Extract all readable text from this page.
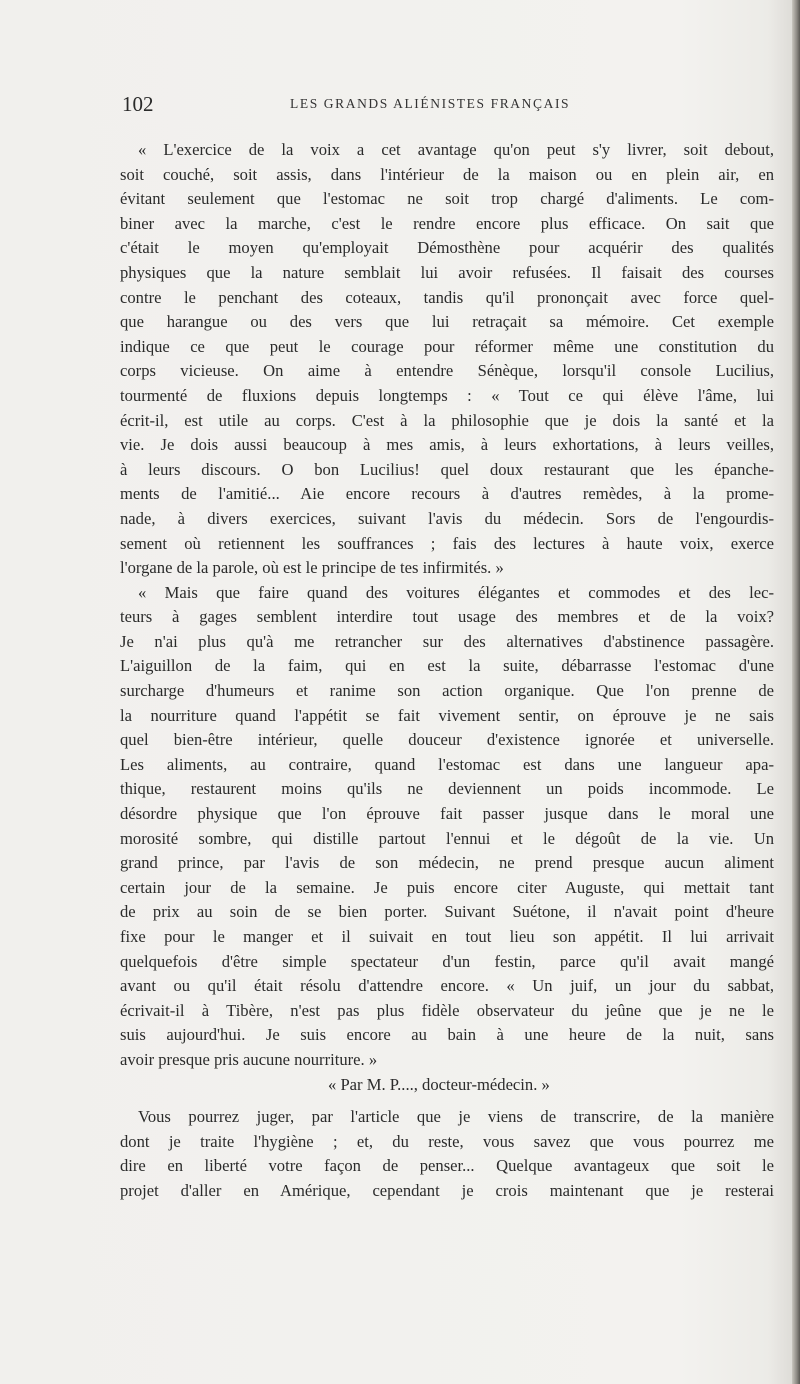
102	LES GRANDS ALIÉNISTES FRANÇAIS
« L'exercice de la voix a cet avantage qu'on peut s'y livrer, soit debout,
soit couché, soit assis, dans l'intérieur de la maison ou en plein air, en
évitant seulement que l'estomac ne soit trop chargé d'aliments. Le com-
biner avec la marche, c'est le rendre encore plus efficace. On sait que
c'était le moyen qu'employait Démosthène pour acquérir des qualités
physiques que la nature semblait lui avoir refusées. Il faisait des courses
contre le penchant des coteaux, tandis qu'il prononçait avec force quel-
que harangue ou des vers que lui retraçait sa mémoire. Cet exemple
indique ce que peut le courage pour réformer même une constitution du
corps vicieuse. On aime à entendre Sénèque, lorsqu'il console Lucilius,
tourmenté de fluxions depuis longtemps : « Tout ce qui élève l'âme, lui
écrit-il, est utile au corps. C'est à la philosophie que je dois la santé et la
vie. Je dois aussi beaucoup à mes amis, à leurs exhortations, à leurs veilles,
à leurs discours. O bon Lucilius! quel doux restaurant que les épanche-
ments de l'amitié... Aie encore recours à d'autres remèdes, à la prome-
nade, à divers exercices, suivant l'avis du médecin. Sors de l'engourdis-
sement où retiennent les souffrances ; fais des lectures à haute voix, exerce
l'organe de la parole, où est le principe de tes infirmités. »
« Mais que faire quand des voitures élégantes et commodes et des lec-
teurs à gages semblent interdire tout usage des membres et de la voix?
Je n'ai plus qu'à me retrancher sur des alternatives d'abstinence passagère.
L'aiguillon de la faim, qui en est la suite, débarrasse l'estomac d'une
surcharge d'humeurs et ranime son action organique. Que l'on prenne de
la nourriture quand l'appétit se fait vivement sentir, on éprouve je ne sais
quel bien-être intérieur, quelle douceur d'existence ignorée et universelle.
Les aliments, au contraire, quand l'estomac est dans une langueur apa-
thique, restaurent moins qu'ils ne deviennent un poids incommode. Le
désordre physique que l'on éprouve fait passer jusque dans le moral une
morosité sombre, qui distille partout l'ennui et le dégoût de la vie. Un
grand prince, par l'avis de son médecin, ne prend presque aucun aliment
certain jour de la semaine. Je puis encore citer Auguste, qui mettait tant
de prix au soin de se bien porter. Suivant Suétone, il n'avait point d'heure
fixe pour le manger et il suivait en tout lieu son appétit. Il lui arrivait
quelquefois d'être simple spectateur d'un festin, parce qu'il avait mangé
avant ou qu'il était résolu d'attendre encore. « Un juif, un jour du sabbat,
écrivait-il à Tibère, n'est pas plus fidèle observateur du jeûne que je ne le
suis aujourd'hui. Je suis encore au bain à une heure de la nuit, sans
avoir presque pris aucune nourriture. »
« Par M. P...., docteur-médecin. »
Vous pourrez juger, par l'article que je viens de transcrire, de la manière
dont je traite l'hygiène ; et, du reste, vous savez que vous pourrez me
dire en liberté votre façon de penser... Quelque avantageux que soit le
projet d'aller en Amérique, cependant je crois maintenant que je resterai
